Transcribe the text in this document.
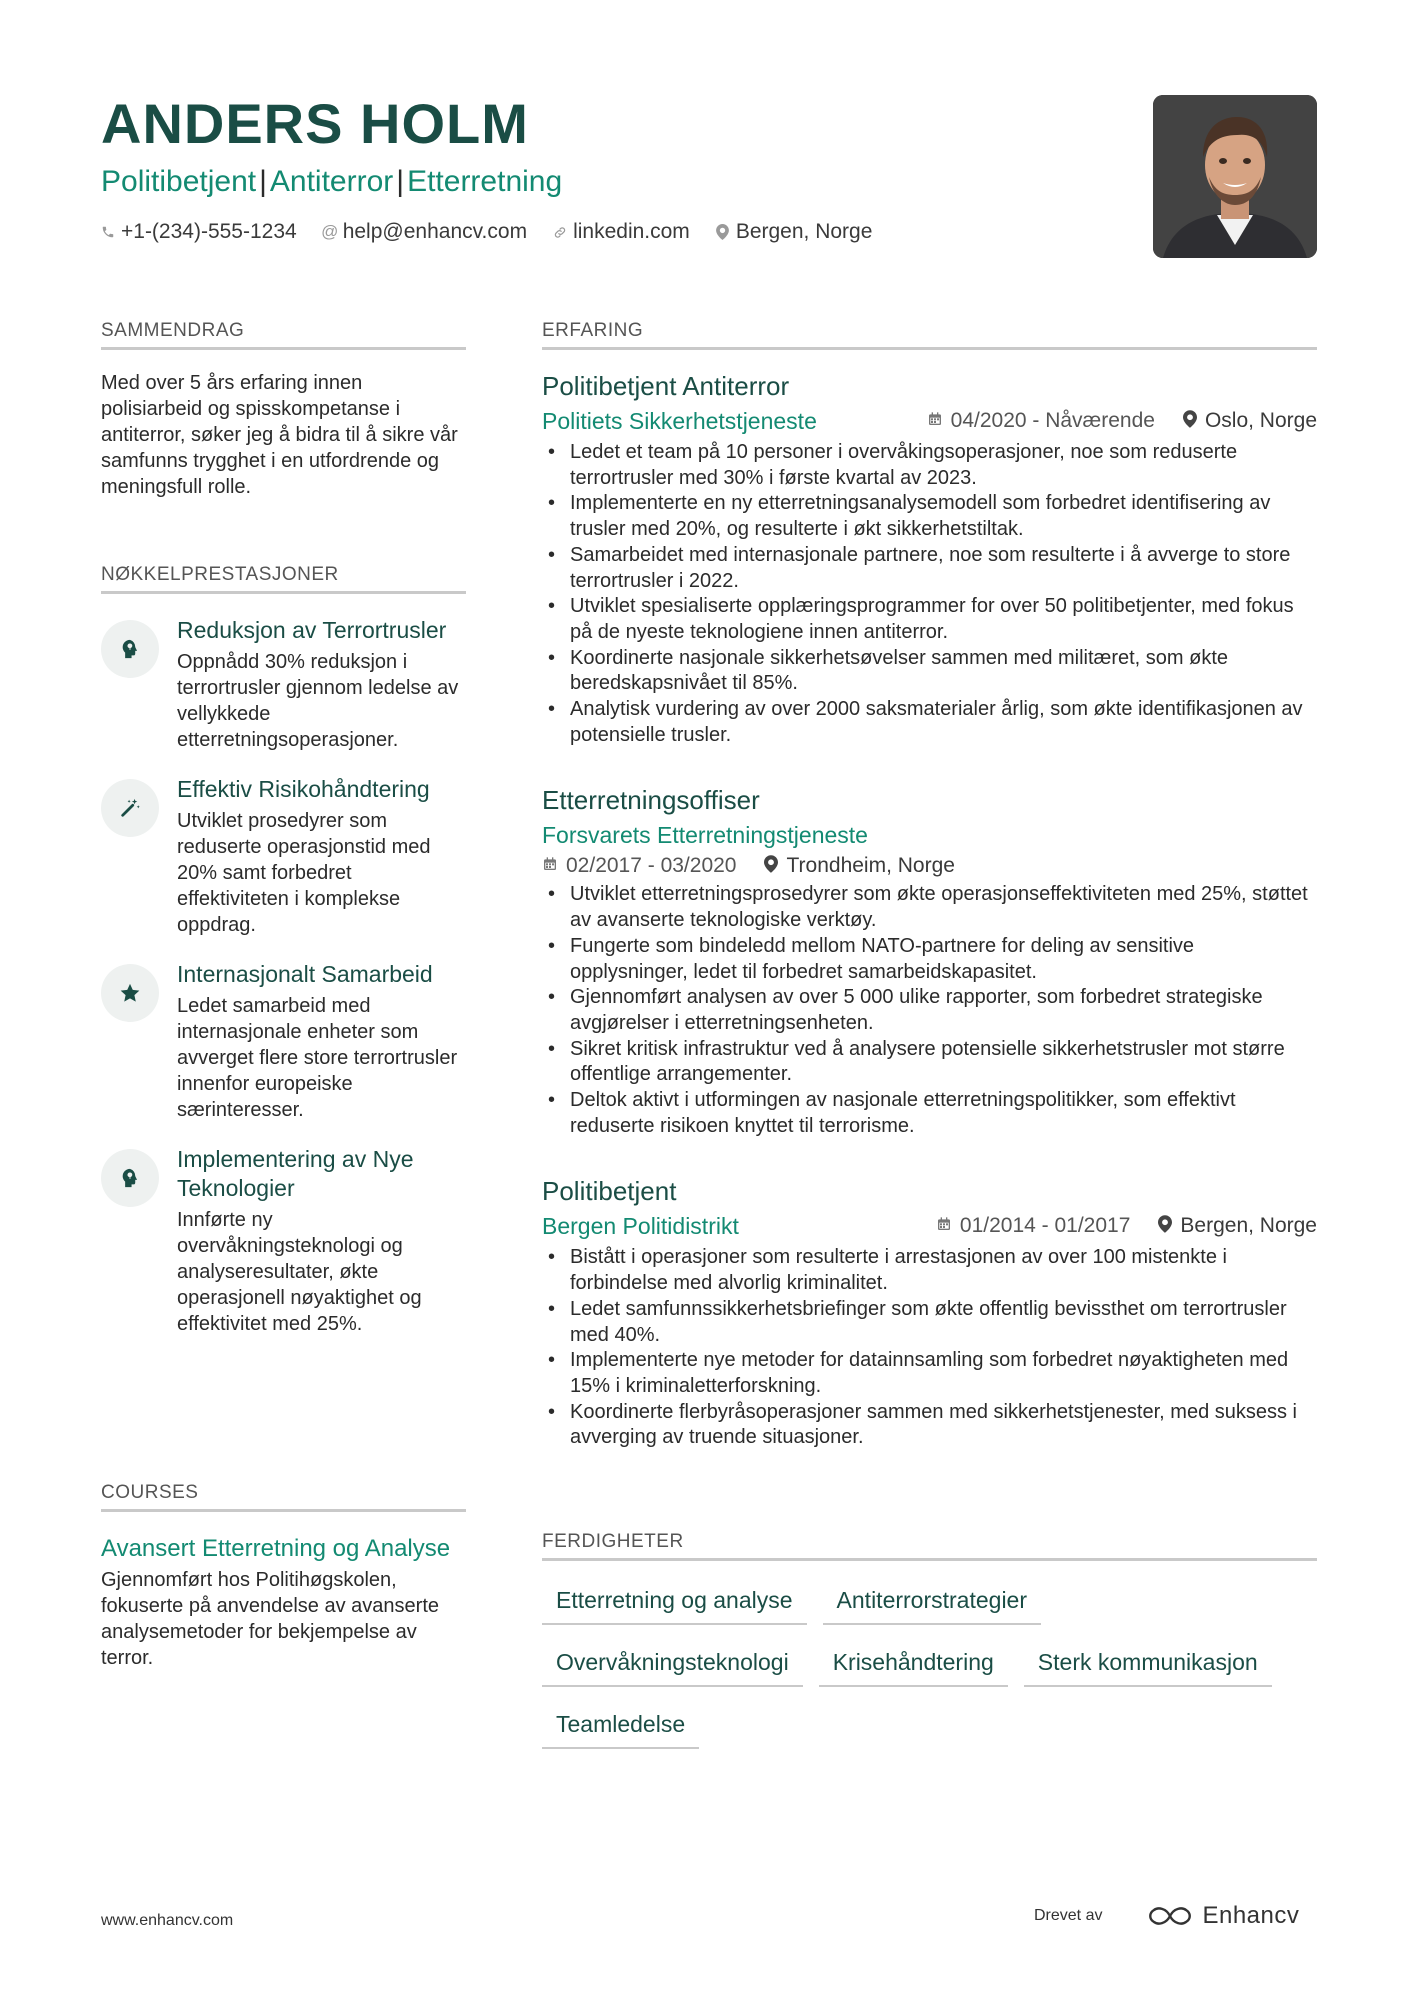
ANDERS HOLM
Politibetjent | Antiterror | Etterretning
+1-(234)-555-1234 @ help@enhancv.com linkedin.com Bergen, Norge
SAMMENDRAG
Med over 5 års erfaring innen polisiarbeid og spisskompetanse i antiterror, søker jeg å bidra til å sikre vår samfunns trygghet i en utfordrende og meningsfull rolle.
NØKKELPRESTASJONER
Reduksjon av Terrortrusler
Oppnådd 30% reduksjon i terrortrusler gjennom ledelse av vellykkede etterretningsoperasjoner.
Effektiv Risikohåndtering
Utviklet prosedyrer som reduserte operasjonstid med 20% samt forbedret effektiviteten i komplekse oppdrag.
Internasjonalt Samarbeid
Ledet samarbeid med internasjonale enheter som avverget flere store terrortrusler innenfor europeiske særinteresser.
Implementering av Nye Teknologier
Innførte ny overvåkningsteknologi og analyseresultater, økte operasjonell nøyaktighet og effektivitet med 25%.
COURSES
Avansert Etterretning og Analyse
Gjennomført hos Politihøgskolen, fokuserte på anvendelse av avanserte analysemetoder for bekjempelse av terror.
ERFARING
Politibetjent Antiterror
Politiets Sikkerhetstjeneste	04/2020 - Nåværende Oslo, Norge
• Ledet et team på 10 personer i overvåkingsoperasjoner, noe som reduserte terrortrusler med 30% i første kvartal av 2023.
• Implementerte en ny etterretningsanalysemodell som forbedret identifisering av trusler med 20%, og resulterte i økt sikkerhetstiltak.
• Samarbeidet med internasjonale partnere, noe som resulterte i å avverge to store terrortrusler i 2022.
• Utviklet spesialiserte opplæringsprogrammer for over 50 politibetjenter, med fokus på de nyeste teknologiene innen antiterror.
• Koordinerte nasjonale sikkerhetsøvelser sammen med militæret, som økte beredskapsnivået til 85%.
• Analytisk vurdering av over 2000 saksmaterialer årlig, som økte identifikasjonen av potensielle trusler.
Etterretningsoffiser
Forsvarets Etterretningstjeneste
02/2017 - 03/2020 Trondheim, Norge
• Utviklet etterretningsprosedyrer som økte operasjonseffektiviteten med 25%, støttet av avanserte teknologiske verktøy.
• Fungerte som bindeledd mellom NATO-partnere for deling av sensitive opplysninger, ledet til forbedret samarbeidskapasitet.
• Gjennomført analysen av over 5 000 ulike rapporter, som forbedret strategiske avgjørelser i etterretningsenheten.
• Sikret kritisk infrastruktur ved å analysere potensielle sikkerhetstrusler mot større offentlige arrangementer.
• Deltok aktivt i utformingen av nasjonale etterretningspolitikker, som effektivt reduserte risikoen knyttet til terrorisme.
Politibetjent
Bergen Politidistrikt	01/2014 - 01/2017 Bergen, Norge
• Bistått i operasjoner som resulterte i arrestasjonen av over 100 mistenkte i forbindelse med alvorlig kriminalitet.
• Ledet samfunnssikkerhetsbriefinger som økte offentlig bevissthet om terrortrusler med 40%.
• Implementerte nye metoder for datainnsamling som forbedret nøyaktigheten med 15% i kriminaletterforskning.
• Koordinerte flerbyråsoperasjoner sammen med sikkerhetstjenester, med suksess i avverging av truende situasjoner.
FERDIGHETER
Etterretning og analyse	Antiterrorstrategier
Overvåkningsteknologi	Krisehåndtering	Sterk kommunikasjon
Teamledelse
www.enhancv.com	Drevet av	Enhancv
